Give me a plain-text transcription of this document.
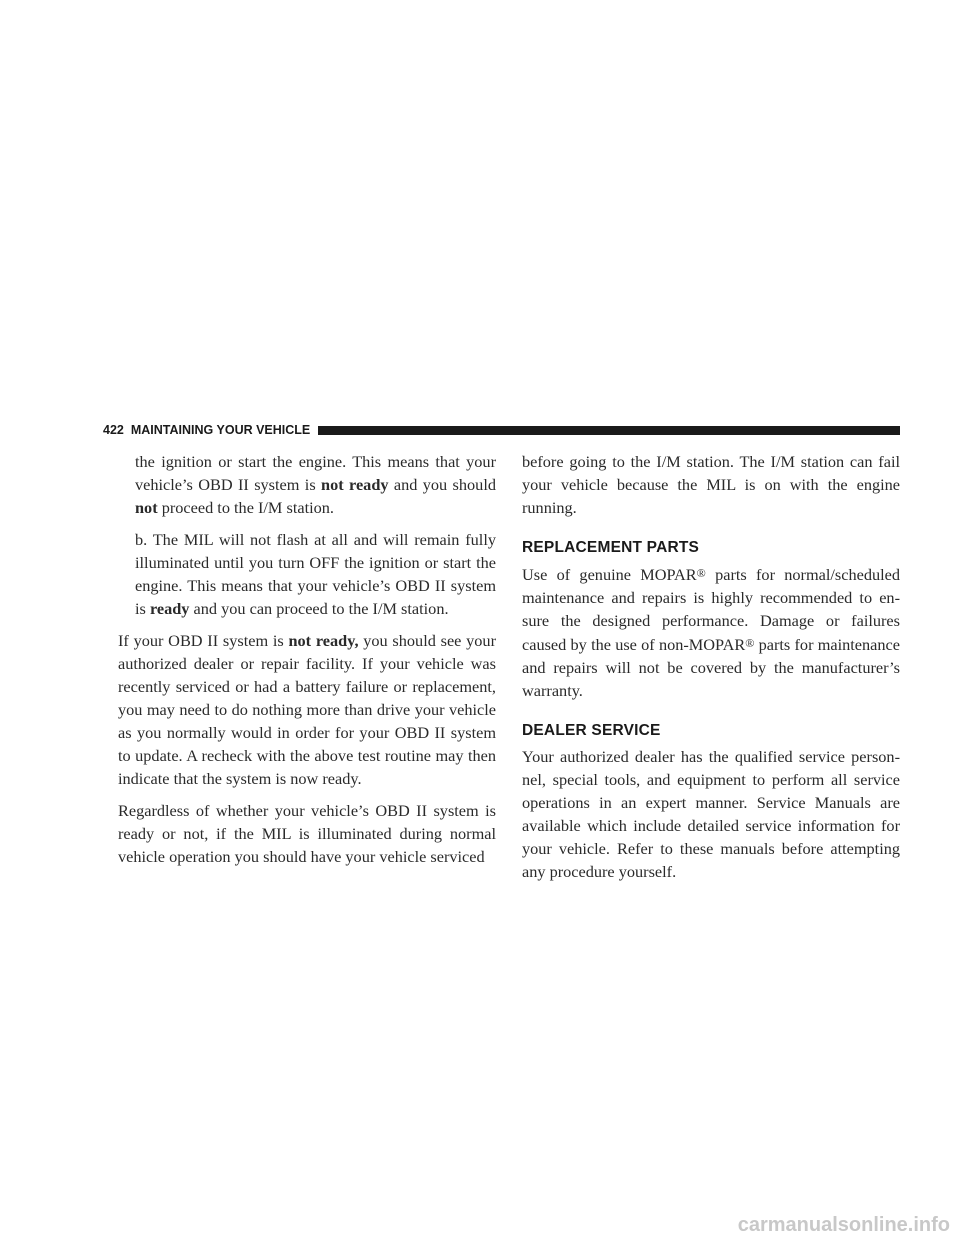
422 MAINTAINING YOUR VEHICLE

the ignition or start the engine. This means that your vehicle’s OBD II system is not ready and you should not proceed to the I/M station.

b. The MIL will not flash at all and will remain fully illuminated until you turn OFF the ignition or start the engine. This means that your vehicle’s OBD II system is ready and you can proceed to the I/M station.

If your OBD II system is not ready, you should see your authorized dealer or repair facility. If your vehicle was recently serviced or had a battery failure or replacement, you may need to do nothing more than drive your vehicle as you normally would in order for your OBD II system to update. A recheck with the above test routine may then indicate that the system is now ready.

Regardless of whether your vehicle’s OBD II system is ready or not, if the MIL is illuminated during normal vehicle operation you should have your vehicle serviced

before going to the I/M station. The I/M station can fail your vehicle because the MIL is on with the engine running.

REPLACEMENT PARTS

Use of genuine MOPAR® parts for normal/scheduled maintenance and repairs is highly recommended to en- sure the designed performance. Damage or failures caused by the use of non-MOPAR® parts for maintenance and repairs will not be covered by the manufacturer’s warranty.

DEALER SERVICE

Your authorized dealer has the qualified service person- nel, special tools, and equipment to perform all service operations in an expert manner. Service Manuals are available which include detailed service information for your vehicle. Refer to these manuals before attempting any procedure yourself.

carmanualsonline.info
